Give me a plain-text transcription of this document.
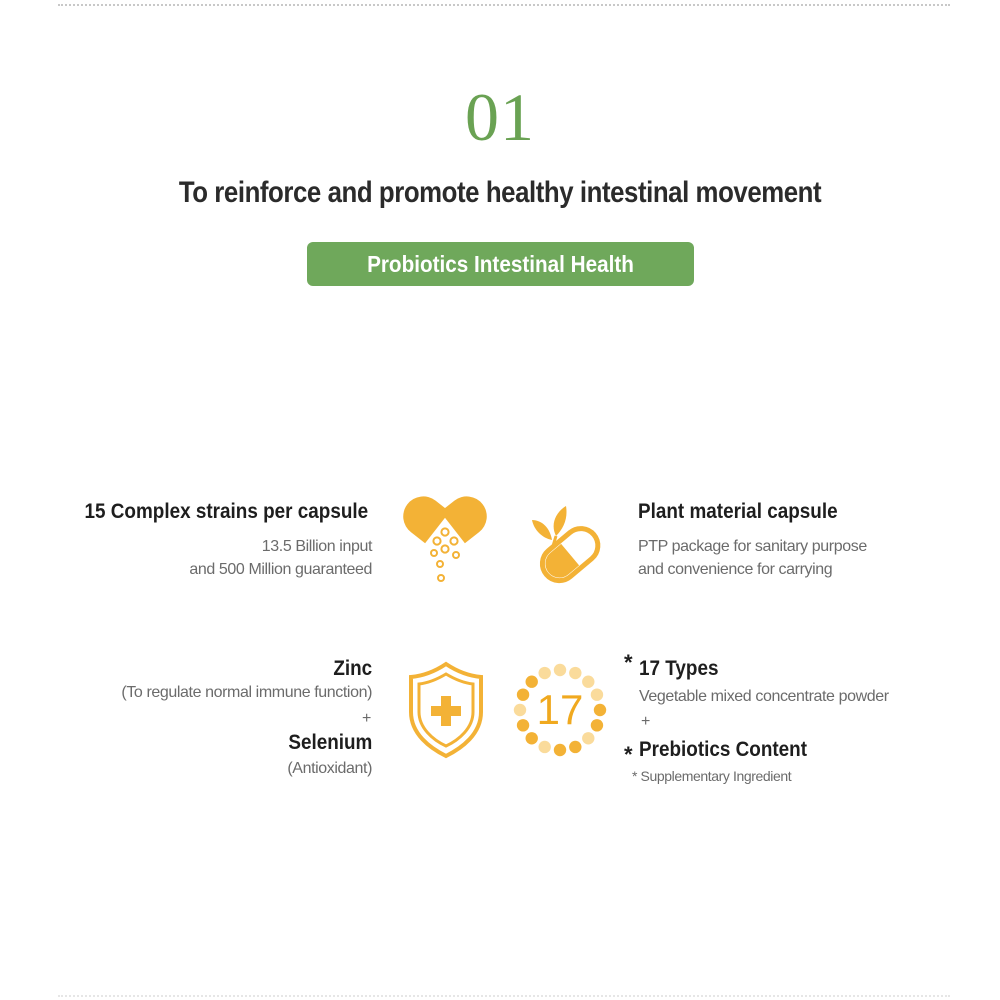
01
To reinforce and promote healthy intestinal movement
Probiotics Intestinal Health Solution
15 Complex strains per capsule
13.5 Billion input
and 500 Million guaranteed
Plant material capsule
PTP package for sanitary purpose
and convenience for carrying
Zinc
(To regulate normal immune function)
+
Selenium
(Antioxidant)
17
* 17 Types
Vegetable mixed concentrate powder
+
* Prebiotics Content
* Supplementary Ingredient
